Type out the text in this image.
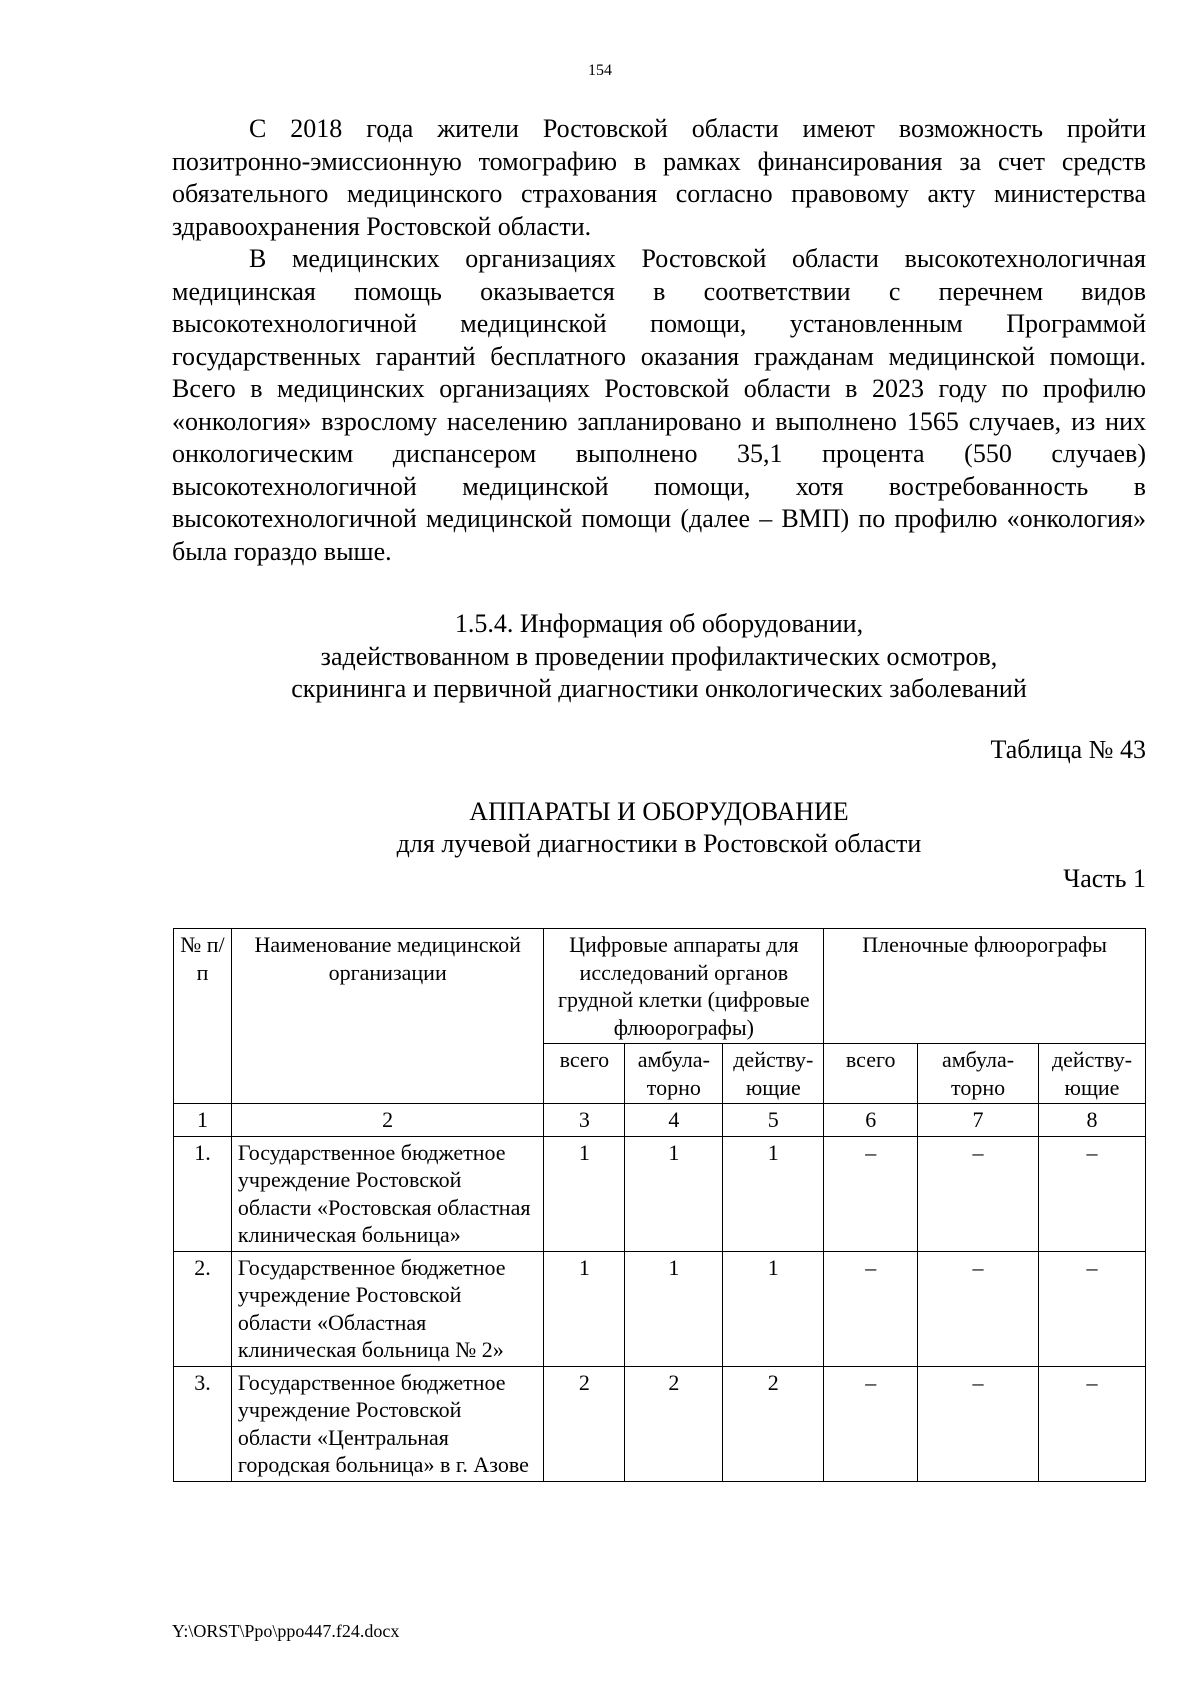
154

С 2018 года жители Ростовской области имеют возможность пройти позитронно-эмиссионную томографию в рамках финансирования за счет средств обязательного медицинского страхования согласно правовому акту министерства здравоохранения Ростовской области.

В медицинских организациях Ростовской области высокотехнологичная медицинская помощь оказывается в соответствии с перечнем видов высокотехнологичной медицинской помощи, установленным Программой государственных гарантий бесплатного оказания гражданам медицинской помощи. Всего в медицинских организациях Ростовской области в 2023 году по профилю «онкология» взрослому населению запланировано и выполнено 1565 случаев, из них онкологическим диспансером выполнено 35,1 процента (550 случаев) высокотехнологичной медицинской помощи, хотя востребованность в высокотехнологичной медицинской помощи (далее – ВМП) по профилю «онкология» была гораздо выше.

1.5.4. Информация об оборудовании,
задействованном в проведении профилактических осмотров,
скрининга и первичной диагностики онкологических заболеваний
Таблица № 43
АППАРАТЫ И ОБОРУДОВАНИЕ
для лучевой диагностики в Ростовской области
Часть 1
№ п/п	Наименование медицинской организации	Цифровые аппараты для исследований органов грудной клетки (цифровые флюорографы)			Пленочные флюорографы		
		всего	амбула-торно	действу-ющие	всего	амбула-торно	действу-ющие
1	2	3	4	5	6	7	8
1.	Государственное бюджетное учреждение Ростовской области «Ростовская областная клиническая больница»	1	1	1	–	–	–
2.	Государственное бюджетное учреждение Ростовской области «Областная клиническая больница № 2»	1	1	1	–	–	–
3.	Государственное бюджетное учреждение Ростовской области «Центральная городская больница» в г. Азове	2	2	2	–	–	–
Y:\ORST\Ppo\ppo447.f24.docx
